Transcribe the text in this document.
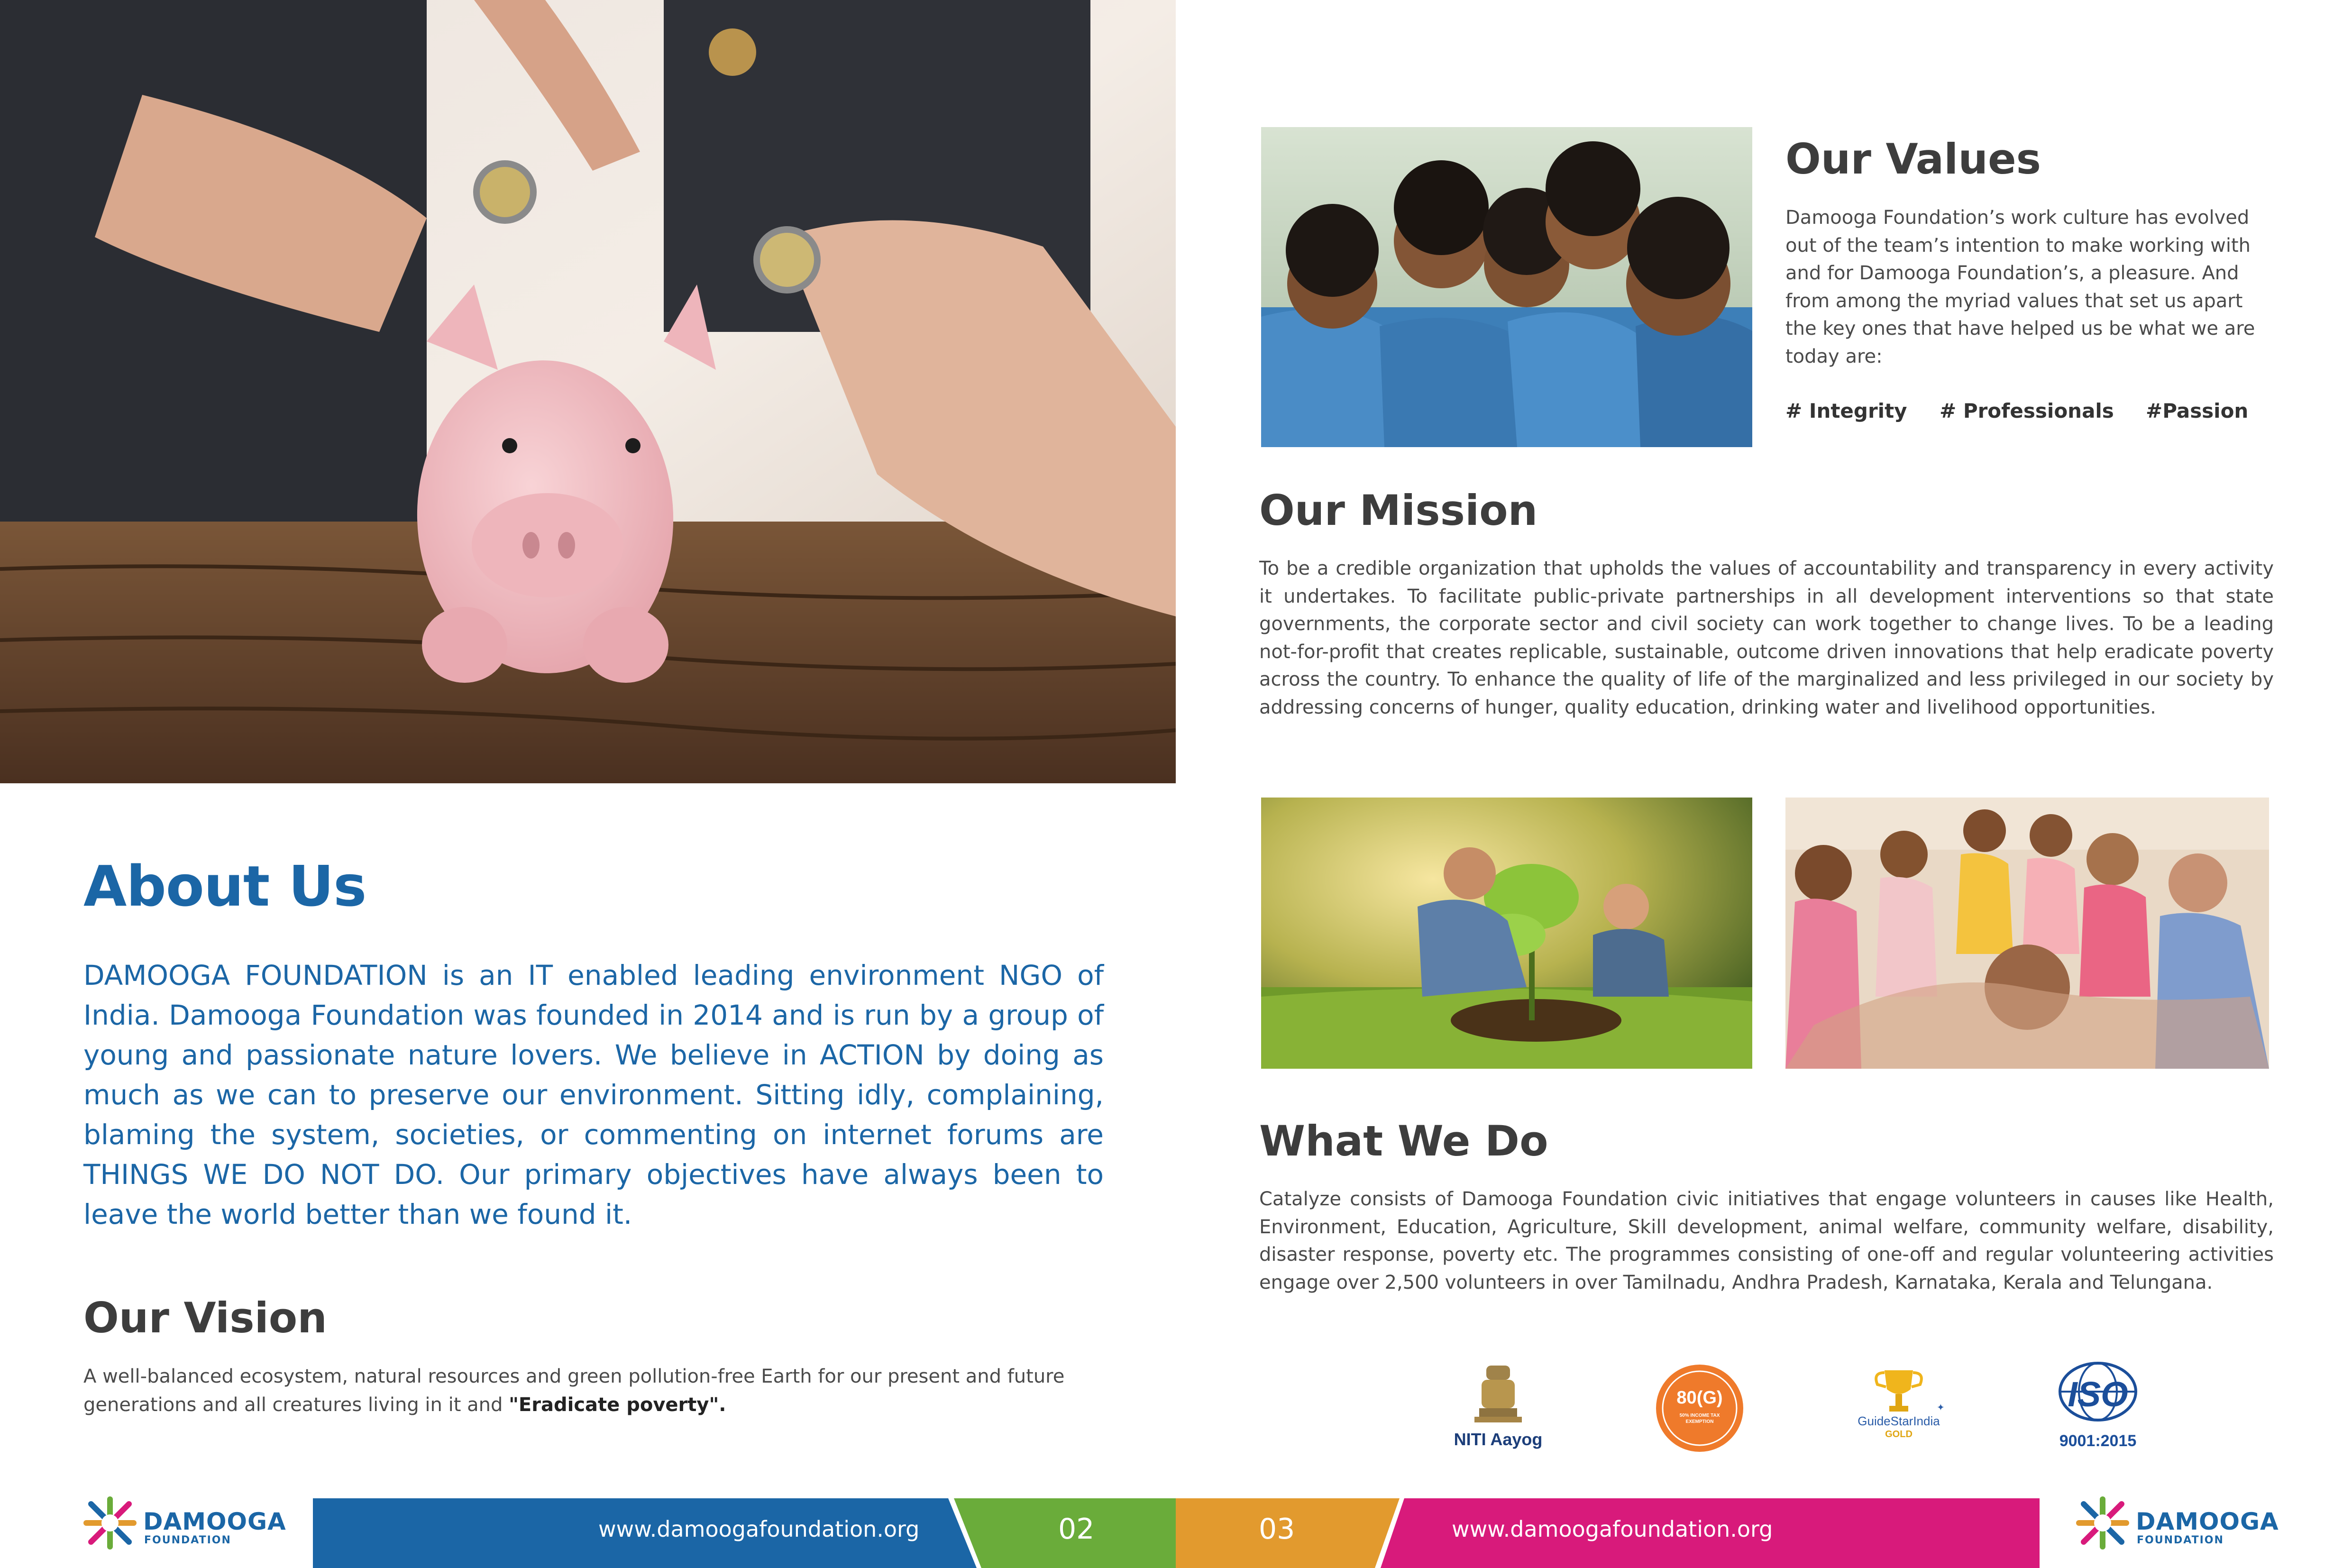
About Us

DAMOOGA FOUNDATION is an IT enabled leading environment NGO of India. Damooga Foundation was founded in 2014 and is run by a group of young and passionate nature lovers. We believe in ACTION by doing as much as we can to preserve our environment. Sitting idly, complaining, blaming the system, societies, or commenting on internet forums are THINGS WE DO NOT DO. Our primary objectives have always been to leave the world better than we found it.

Our Vision

A well-balanced ecosystem, natural resources and green pollution-free Earth for our present and future generations and all creatures living in it and "Eradicate poverty".

Our Values

Damooga Foundation’s work culture has evolved out of the team’s intention to make working with and for Damooga Foundation’s, a pleasure. And from among the myriad values that set us apart the key ones that have helped us be what we are today are:

# Integrity # Professionals #Passion
Our Mission

To be a credible organization that upholds the values of accountability and transparency in every activity it undertakes. To facilitate public-private partnerships in all development interventions so that state governments, the corporate sector and civil society can work together to change lives. To be a leading not-for-profit that creates replicable, sustainable, outcome driven innovations that help eradicate poverty across the country. To enhance the quality of life of the marginalized and less privileged in our society by addressing concerns of hunger, quality education, drinking water and livelihood opportunities.

What We Do

Catalyze consists of Damooga Foundation civic initiatives that engage volunteers in causes like Health, Environment, Education, Agriculture, Skill development, animal welfare, community welfare, disability, disaster response, poverty etc. The programmes consisting of one-off and regular volunteering activities engage over 2,500 volunteers in over Tamilnadu, Andhra Pradesh, Karnataka, Kerala and Telungana.

NITI Aayog
80(G)
50% INCOME TAX EXEMPTION
✦
GuideStarIndia
GOLD
ISO
9001:2015
DAMOOGA
FOUNDATION	www.damoogafoundation.org	02	03	www.damoogafoundation.org	DAMOOGA
FOUNDATION
